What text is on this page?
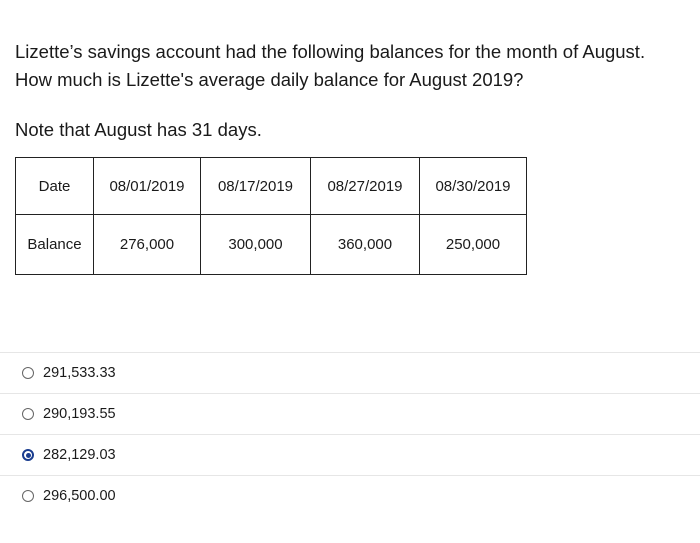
Lizette’s savings account had the following balances for the month of August. How much is Lizette's average daily balance for August 2019?

Note that August has 31 days.

Date	08/01/2019	08/17/2019	08/27/2019	08/30/2019
Balance	276,000	300,000	360,000	250,000
291,533.33
290,193.55
282,129.03
296,500.00
